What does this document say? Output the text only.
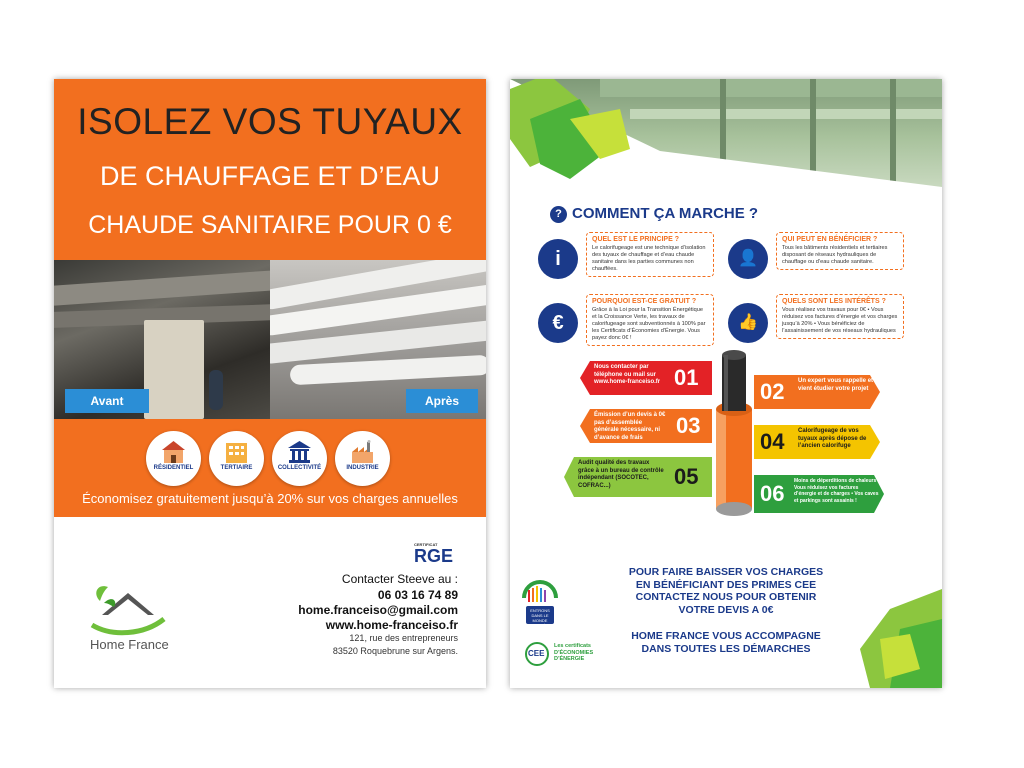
ISOLEZ VOS TUYAUX
DE CHAUFFAGE ET D’EAU
CHAUDE SANITAIRE POUR 0 €
Avant	Après
RÉSIDENTIEL	TERTIAIRE	COLLECTIVITÉ	INDUSTRIE
Économisez gratuitement jusqu’à 20% sur vos charges annuelles
Home France
CERTIFICAT
RGE
Contacter Steeve au :
06 03 16 74 89
home.franceiso@gmail.com
www.home-franceiso.fr
121, rue des entrepreneurs
83520 Roquebrune sur Argens.
? COMMENT ÇA MARCHE ?
i
QUEL EST LE PRINCIPE ?
Le calorifugeage est une technique d’isolation des tuyaux de chauffage et d’eau chaude sanitaire dans les parties communes non chauffées.
👤
QUI PEUT EN BÉNÉFICIER ?
Tous les bâtiments résidentiels et tertiaires disposant de réseaux hydrauliques de chauffage ou d’eau chaude sanitaire.
€
POURQUOI EST-CE GRATUIT ?
Grâce à la Loi pour la Transition Énergétique et la Croissance Verte, les travaux de calorifugeage sont subventionnés à 100% par les Certificats d’Économies d’Énergie. Vous payez donc 0€ !
👍
QUELS SONT LES INTÉRÊTS ?
Vous réalisez vos travaux pour 0€ • Vous réduisez vos factures d’énergie et vos charges jusqu’à 20% • Vous bénéficiez de l’assainissement de vos réseaux hydrauliques
Nous contacter par téléphone ou mail sur www.home-franceiso.fr 01
02 Un expert vous rappelle et vient étudier votre projet
Émission d’un devis à 0€ pas d’assemblée générale nécessaire, ni d’avance de frais	03
04 Calorifugeage de vos tuyaux après dépose de l’ancien calorifuge
Audit qualité des travaux grâce à un bureau de contrôle indépendant (SOCOTEC, COFRAC...)	05
06 Moins de déperditions de chaleurs • Vous réduisez vos factures d’énergie et de charges • Vos caves et parkings sont assainis !
POUR FAIRE BAISSER VOS CHARGES
EN BÉNÉFICIANT DES PRIMES CEE
CONTACTEZ NOUS POUR OBTENIR
VOTRE DEVIS A 0€
HOME FRANCE VOUS ACCOMPAGNE
DANS TOUTES LES DÉMARCHES
ENTRONS DANS LE MONDE D’APRÈS
CEE
Les certificats D’ÉCONOMIES D’ÉNERGIE
